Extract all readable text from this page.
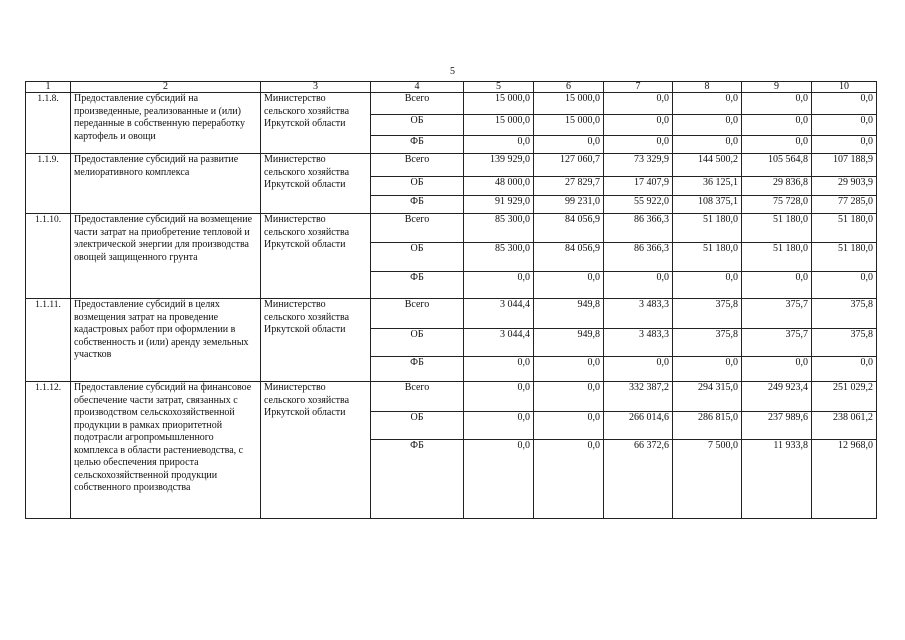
5
1	2	3	4	5	6	7	8	9	10
1.1.8.	Предоставление субсидий на произведенные, реализованные и (или) переданные в собственную переработку картофель и овощи	Министерство сельского хозяйства Иркутской области	Всего	15 000,0	15 000,0	0,0	0,0	0,0	0,0
			ОБ	15 000,0	15 000,0	0,0	0,0	0,0	0,0
			ФБ	0,0	0,0	0,0	0,0	0,0	0,0
1.1.9.	Предоставление субсидий на развитие мелиоративного комплекса	Министерство сельского хозяйства Иркутской области	Всего	139 929,0	127 060,7	73 329,9	144 500,2	105 564,8	107 188,9
			ОБ	48 000,0	27 829,7	17 407,9	36 125,1	29 836,8	29 903,9
			ФБ	91 929,0	99 231,0	55 922,0	108 375,1	75 728,0	77 285,0
1.1.10.	Предоставление субсидий на возмещение части затрат на приобретение тепловой и электрической энергии для производства овощей защищенного грунта	Министерство сельского хозяйства Иркутской области	Всего	85 300,0	84 056,9	86 366,3	51 180,0	51 180,0	51 180,0
			ОБ	85 300,0	84 056,9	86 366,3	51 180,0	51 180,0	51 180,0
			ФБ	0,0	0,0	0,0	0,0	0,0	0,0
1.1.11.	Предоставление субсидий в целях возмещения затрат на проведение кадастровых работ при оформлении в собственность и (или) аренду земельных участков	Министерство сельского хозяйства Иркутской области	Всего	3 044,4	949,8	3 483,3	375,8	375,7	375,8
			ОБ	3 044,4	949,8	3 483,3	375,8	375,7	375,8
			ФБ	0,0	0,0	0,0	0,0	0,0	0,0
1.1.12.	Предоставление субсидий на финансовое обеспечение части затрат, связанных с производством сельскохозяйственной продукции в рамках приоритетной подотрасли агропромышленного комплекса в области растениеводства, с целью обеспечения прироста сельскохозяйственной продукции собственного производства	Министерство сельского хозяйства Иркутской области	Всего	0,0	0,0	332 387,2	294 315,0	249 923,4	251 029,2
			ОБ	0,0	0,0	266 014,6	286 815,0	237 989,6	238 061,2
			ФБ	0,0	0,0	66 372,6	7 500,0	11 933,8	12 968,0
